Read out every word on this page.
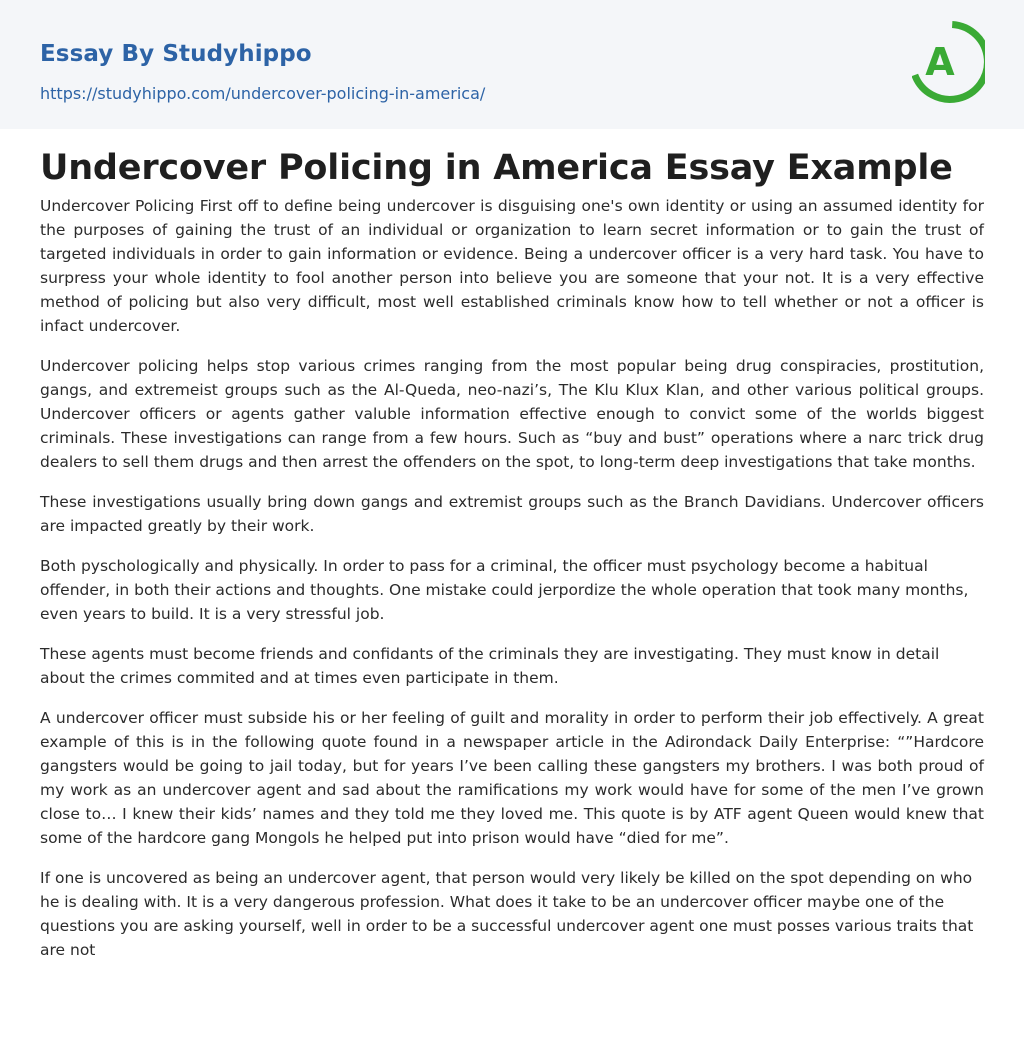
Essay By Studyhippo
https://studyhippo.com/undercover-policing-in-america/
A
Undercover Policing in America Essay Example

Undercover Policing First off to define being undercover is disguising one's own identity or using an assumed identity for the purposes of gaining the trust of an individual or organization to learn secret information or to gain the trust of targeted individuals in order to gain information or evidence. Being a undercover officer is a very hard task. You have to surpress your whole identity to fool another person into believe you are someone that your not. It is a very effective method of policing but also very difficult, most well established criminals know how to tell whether or not a officer is infact undercover.

Undercover policing helps stop various crimes ranging from the most popular being drug conspiracies, prostitution, gangs, and extremeist groups such as the Al-Queda, neo-nazi’s, The Klu Klux Klan, and other various political groups. Undercover officers or agents gather valuble information effective enough to convict some of the worlds biggest criminals. These investigations can range from a few hours. Such as “buy and bust” operations where a narc trick drug dealers to sell them drugs and then arrest the offenders on the spot, to long-term deep investigations that take months.

These investigations usually bring down gangs and extremist groups such as the Branch Davidians. Undercover officers are impacted greatly by their work.

Both pyschologically and physically. In order to pass for a criminal, the officer must psychology become a habitual offender, in both their actions and thoughts. One mistake could jerpordize the whole operation that took many months, even years to build. It is a very stressful job.

These agents must become friends and confidants of the criminals they are investigating. They must know in detail about the crimes commited and at times even participate in them.

A undercover officer must subside his or her feeling of guilt and morality in order to perform their job effectively. A great example of this is in the following quote found in a newspaper article in the Adirondack Daily Enterprise: “”Hardcore gangsters would be going to jail today, but for years I’ve been calling these gangsters my brothers. I was both proud of my work as an undercover agent and sad about the ramifications my work would have for some of the men I’ve grown close to… I knew their kids’ names and they told me they loved me. This quote is by ATF agent Queen would knew that some of the hardcore gang Mongols he helped put into prison would have “died for me”.

If one is uncovered as being an undercover agent, that person would very likely be killed on the spot depending on who he is dealing with. It is a very dangerous profession. What does it take to be an undercover officer maybe one of the questions you are asking yourself, well in order to be a successful undercover agent one must posses various traits that are not
